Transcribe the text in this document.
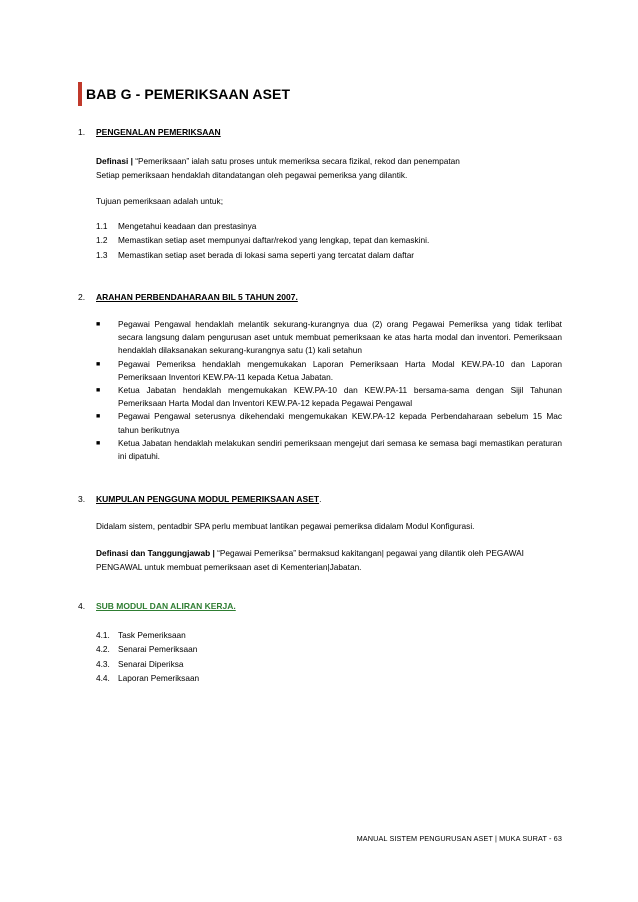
BAB G - PEMERIKSAAN ASET
1. PENGENALAN PEMERIKSAAN
Definasi | “Pemeriksaan” ialah satu proses untuk memeriksa secara fizikal, rekod dan penempatan
Setiap pemeriksaan hendaklah ditandatangan oleh pegawai pemeriksa yang dilantik.
Tujuan pemeriksaan adalah untuk;
1.1	Mengetahui keadaan dan prestasinya
1.2	Memastikan setiap aset mempunyai daftar/rekod yang lengkap, tepat dan kemaskini.
1.3	Memastikan setiap aset berada di lokasi sama seperti yang tercatat dalam daftar
2. ARAHAN PERBENDAHARAAN BIL 5 TAHUN 2007.
■	Pegawai Pengawal hendaklah melantik sekurang-kurangnya dua (2) orang Pegawai Pemeriksa yang tidak terlibat secara langsung dalam pengurusan aset untuk membuat pemeriksaan ke atas harta modal dan inventori. Pemeriksaan hendaklah dilaksanakan sekurang-kurangnya satu (1) kali setahun
■	Pegawai Pemeriksa hendaklah mengemukakan Laporan Pemeriksaan Harta Modal KEW.PA-10 dan Laporan Pemeriksaan Inventori KEW.PA-11 kepada Ketua Jabatan.
■	Ketua Jabatan hendaklah mengemukakan KEW.PA-10 dan KEW.PA-11 bersama-sama dengan Sijil Tahunan Pemeriksaan Harta Modal dan Inventori KEW.PA-12 kepada Pegawai Pengawal
■	Pegawai Pengawal seterusnya dikehendaki mengemukakan KEW.PA-12 kepada Perbendaharaan sebelum 15 Mac tahun berikutnya
■	Ketua Jabatan hendaklah melakukan sendiri pemeriksaan mengejut dari semasa ke semasa bagi memastikan peraturan ini dipatuhi.
3. KUMPULAN PENGGUNA MODUL PEMERIKSAAN ASET.
Didalam sistem, pentadbir SPA perlu membuat lantikan pegawai pemeriksa didalam Modul Konfigurasi.
Definasi dan Tanggungjawab | “Pegawai Pemeriksa” bermaksud kakitangan| pegawai yang dilantik oleh PEGAWAI
PENGAWAL untuk membuat pemeriksaan aset di Kementerian|Jabatan.
4. SUB MODUL DAN ALIRAN KERJA.
4.1. Task Pemeriksaan
4.2. Senarai Pemeriksaan
4.3. Senarai Diperiksa
4.4. Laporan Pemeriksaan
MANUAL SISTEM PENGURUSAN ASET | MUKA SURAT - 63
